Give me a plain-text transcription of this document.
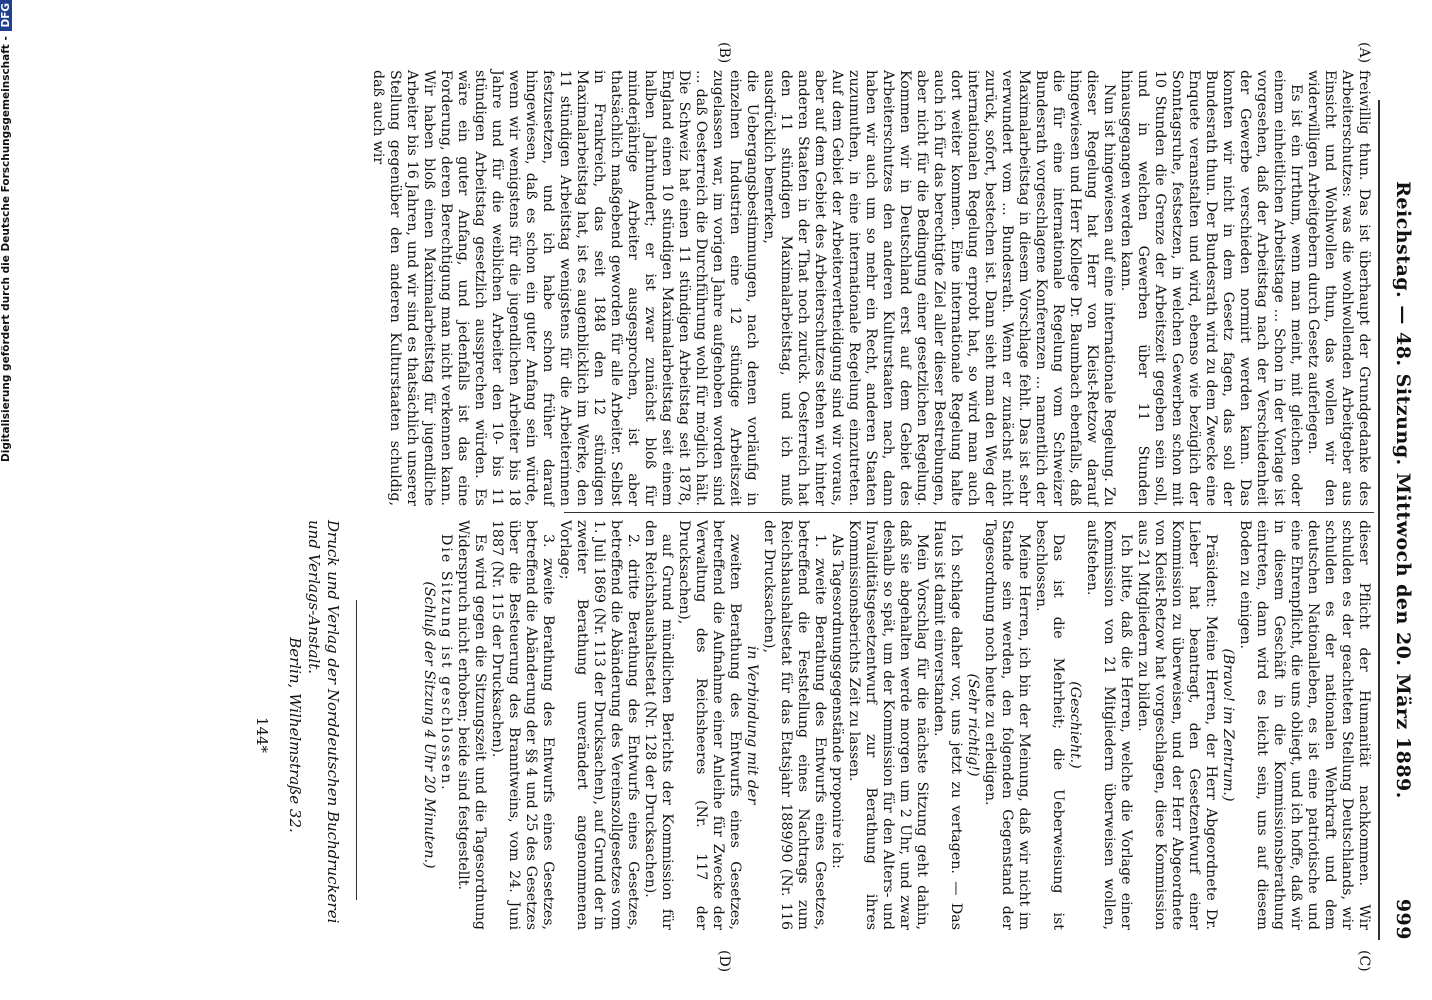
Reichstag. — 48. Sitzung. Mittwoch den 20. März 1889.
999
(A)
(B)
(C)
(D)

freiwillig thun. Das ist überhaupt der Grundgedanke des Arbeiterschutzes: was die wohlwollenden Arbeitgeber aus Einsicht und Wohlwollen thun, das wollen wir den widerwilligen Arbeitgebern durch Gesetz auferlegen.

Es ist ein Irrthum, wenn man meint, mit gleichen oder einem einheitlichen Arbeitstage ... Schon in der Vorlage ist vorgesehen, daß der Arbeitstag nach der Verschiedenheit der Gewerbe verschieden normirt werden kann. Das konnten wir nicht in dem Gesetz fagen, das soll der Bundesrath thun. Der Bundesrath wird zu dem Zwecke eine Enquete veranstalten und wird, ebenso wie bezüglich der Sonntagsruhe, festsetzen, in welchen Gewerben schon mit 10 Stunden die Grenze der Arbeitszeit gegeben sein soll, und in welchen Gewerben über 11 Stunden hinausgegangen werden kann.

Nun ist hingewiesen auf eine internationale Regelung. Zu dieser Regelung hat Herr von Kleist-Retzow darauf hingewiesen und Herr Kollege Dr. Baumbach ebenfalls, daß die für eine internationale Regelung vom Schweizer Bundesrath vorgeschlagene Konferenzen ... namentlich der Maximalarbeitstag in diesem Vorschlage fehlt. Das ist sehr verwundert vom ... Bundesrath. Wenn er zunächst nicht zurück, sofort, bestechen ist. Dann sieht man den Weg der internationalen Regelung erprobt hat, so wird man auch dort weiter kommen. Eine internationale Regelung halte auch ich für das berechtigte Ziel aller dieser Bestrebungen, aber nicht für die Bedingung einer gesetzlichen Regelung. Kommen wir in Deutschland erst auf dem Gebiet des Arbeiterschutzes den anderen Kulturstaaten nach, dann haben wir auch um so mehr ein Recht, anderen Staaten zuzumuthen, in eine internationale Regelung einzutreten. Auf dem Gebiet der Arbeitervertheidigung sind wir voraus, aber auf dem Gebiet des Arbeiterschutzes stehen wir hinter anderen Staaten in der That noch zurück. Oesterreich hat den 11 stündigen Maximalarbeitstag, und ich muß ausdrücklich bemerken,

die Uebergangsbestimmungen, nach denen vorläufig in einzelnen Industrien eine 12 stündige Arbeitszeit zugelassen war, im vorigen Jahre aufgehoben worden sind ... daß Oesterreich die Durchführung wohl für möglich hält. Die Schweiz hat einen 11 stündigen Arbeitstag seit 1878, England einen 10 stündigen Maximalarbeitstag seit einem halben Jahrhundert; er ist zwar zunächst bloß für minderjährige Arbeiter ausgesprochen, ist aber thatsächlich maßgebend geworden für alle Arbeiter. Selbst in Frankreich, das seit 1848 den 12 stündigen Maximalarbeitstag hat, ist es augenblicklich im Werke, den 11 stündigen Arbeitstag wenigstens für die Arbeiterinnen festzusetzen, und ich habe schon früher darauf hingewiesen, daß es schon ein guter Anfang sein würde, wenn wir wenigstens für die jugendlichen Arbeiter bis 18 Jahre und für die weiblichen Arbeiter den 10- bis 11 stündigen Arbeitstag gesetzlich aussprechen würden. Es wäre ein guter Anfang, und jedenfalls ist das eine Forderung, deren Berechtigung man nicht verkennen kann. Wir haben bloß einen Maximalarbeitstag für jugendliche Arbeiter bis 16 Jahren, und wir sind es thatsächlich unserer Stellung gegenüber den anderen Kulturstaaten schuldig, daß auch wir

dieser Pflicht der Humanität nachkommen. Wir schulden es der geachteten Stellung Deutschlands, wir schulden es der nationalen Wehrkraft und dem deutschen Nationalleben, es ist eine patriotische und eine Ehrenpflicht, die uns obliegt, und ich hoffe, daß wir in diesem Geschäft in die Kommissionsberathung eintreten, dann wird es leicht sein, uns auf diesem Boden zu einigen.

(Bravo! im Zentrum.)

Präsident: Meine Herren, der Herr Abgeordnete Dr. Lieber hat beantragt, den Gesetzentwurf einer Kommission zu überweisen, und der Herr Abgeordnete von Kleist-Retzow hat vorgeschlagen, diese Kommission aus 21 Mitgliedern zu bilden.

Ich bitte, daß die Herren, welche die Vorlage einer Kommission von 21 Mitgliedern überweisen wollen, aufstehen.

(Geschieht.)

Das ist die Mehrheit; die Ueberweisung ist beschlossen.

Meine Herren, ich bin der Meinung, daß wir nicht im Stande sein werden, den folgenden Gegenstand der Tagesordnung noch heute zu erledigen.

(Sehr richtig!)

Ich schlage daher vor, uns jetzt zu vertagen. — Das Haus ist damit einverstanden.

Mein Vorschlag für die nächste Sitzung geht dahin, daß sie abgehalten werde morgen um 2 Uhr, und zwar deshalb so spät, um der Kommission für den Alters- und Invaliditätsgesetzentwurf zur Berathung ihres Kommissionsberichts Zeit zu lassen.

Als Tagesordnungsgegenstände proponire ich:

1. zweite Berathung des Entwurfs eines Gesetzes, betreffend die Feststellung eines Nachtrags zum Reichshaushaltsetat für das Etatsjahr 1889/90 (Nr. 116 der Drucksachen),

in Verbindung mit der

zweiten Berathung des Entwurfs eines Gesetzes, betreffend die Aufnahme einer Anleihe für Zwecke der Verwaltung des Reichsheeres (Nr. 117 der Drucksachen),

auf Grund mündlichen Berichts der Kommission für den Reichshaushaltsetat (Nr. 128 der Drucksachen).

2. dritte Berathung des Entwurfs eines Gesetzes, betreffend die Abänderung des Vereinszollgesetzes vom 1. Juli 1869 (Nr. 113 der Drucksachen), auf Grund der in zweiter Berathung unverändert angenommenen Vorlage;

3. zweite Berathung des Entwurfs eines Gesetzes, betreffend die Abänderung der §§ 4 und 25 des Gesetzes über die Besteuerung des Branntweins, vom 24. Juni 1887 (Nr. 115 der Drucksachen).

Es wird gegen die Sitzungszeit und die Tagesordnung Widerspruch nicht erhoben; beide sind festgestellt.

Die Sitzung ist geschlossen.

(Schluß der Sitzung 4 Uhr 20 Minuten.)

Druck und Verlag der Norddeutschen Buchdruckerei und Verlags-Anstalt.
Berlin, Wilhelmstraße 32.
144*
Digitalisierung gefördert durch die Deutsche Forschungsgemeinschaft - DFG
